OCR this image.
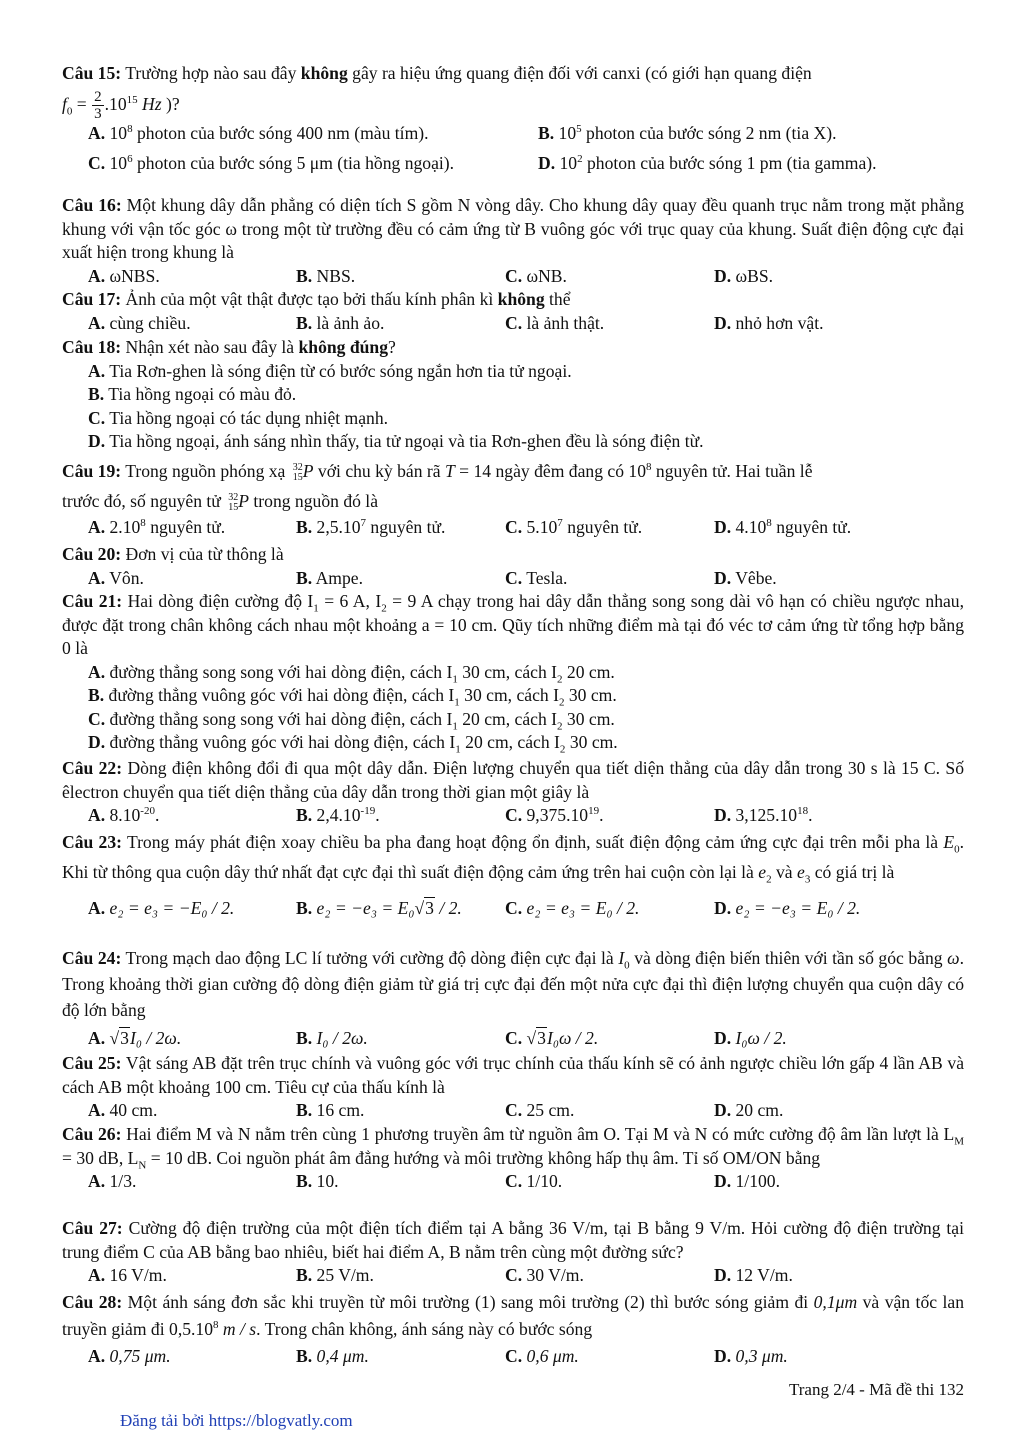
Câu 15: Trường hợp nào sau đây không gây ra hiệu ứng quang điện đối với canxi (có giới hạn quang điện

$f_0 = \frac{2}{3} .10^{15}$ Hz )?

A. $10^8$ photon của bước sóng 400 nm (màu tím).	B. $10^5$ photon của bước sóng 2 nm (tia X).
C. $10^6$ photon của bước sóng 5 μm (tia hồng ngoại).	D. $10^2$ photon của bước sóng 1 pm (tia gamma).

Câu 16: Một khung dây dẫn phẳng có diện tích S gồm N vòng dây. Cho khung dây quay đều quanh trục nằm trong mặt phẳng khung với vận tốc góc ω trong một từ trường đều có cảm ứng từ B vuông góc với trục quay của khung. Suất điện động cực đại xuất hiện trong khung là

A. ωNBS.	B. NBS.	C. ωNB.	D. ωBS.

Câu 17: Ảnh của một vật thật được tạo bởi thấu kính phân kì không thể

A. cùng chiều.	B. là ảnh ảo.	C. là ảnh thật.	D. nhỏ hơn vật.

Câu 18: Nhận xét nào sau đây là không đúng?

A. Tia Rơn-ghen là sóng điện từ có bước sóng ngắn hơn tia tử ngoại.

B. Tia hồng ngoại có màu đỏ.

C. Tia hồng ngoại có tác dụng nhiệt mạnh.

D. Tia hồng ngoại, ánh sáng nhìn thấy, tia tử ngoại và tia Rơn-ghen đều là sóng điện từ.

Câu 19: Trong nguồn phóng xạ 32
15 P với chu kỳ bán rã T = 14 ngày đêm đang có $10^8$ nguyên tử. Hai tuần lễ

trước đó, số nguyên tử 32
15 P trong nguồn đó là

A. 2.10$^8$ nguyên tử.	B. 2,5.10$^7$ nguyên tử.	C. 5.10$^7$ nguyên tử.	D. 4.10$^8$ nguyên tử.

Câu 20: Đơn vị của từ thông là

A. Vôn.	B. Ampe.	C. Tesla.	D. Vêbe.

Câu 21: Hai dòng điện cường độ $I_1 = 6$ A, $I_2 = 9$ A chạy trong hai dây dẫn thẳng song song dài vô hạn có chiều ngược nhau, được đặt trong chân không cách nhau một khoảng a = 10 cm. Qũy tích những điểm mà tại đó véc tơ cảm ứng từ tổng hợp bằng 0 là

A. đường thẳng song song với hai dòng điện, cách $I_1$ 30 cm, cách $I_2$ 20 cm.

B. đường thẳng vuông góc với hai dòng điện, cách $I_1$ 30 cm, cách $I_2$ 30 cm.

C. đường thẳng song song với hai dòng điện, cách $I_1$ 20 cm, cách $I_2$ 30 cm.

D. đường thẳng vuông góc với hai dòng điện, cách $I_1$ 20 cm, cách $I_2$ 30 cm.

Câu 22: Dòng điện không đổi đi qua một dây dẫn. Điện lượng chuyển qua tiết diện thẳng của dây dẫn trong 30 s là 15 C. Số êlectron chuyển qua tiết diện thẳng của dây dẫn trong thời gian một giây là

A. $8.10^{-20}$.	B. $2,4.10^{-19}$.	C. 9,375.10$^{19}$.	D. 3,125.10$^{18}$.

Câu 23: Trong máy phát điện xoay chiều ba pha đang hoạt động ổn định, suất điện động cảm ứng cực đại trên mỗi pha là $E_0$. Khi từ thông qua cuộn dây thứ nhất đạt cực đại thì suất điện động cảm ứng trên hai cuộn còn lại là $e_2$ và $e_3$ có giá trị là

A. e₂ = e₃ = −E₀ / 2.	B. e₂ = −e₃ = E₀√3 / 2. C. e₂ = e₃ = E₀ / 2.	D. e₂ = −e₃ = E₀ / 2.

Câu 24: Trong mạch dao động LC lí tưởng với cường độ dòng điện cực đại là $I_0$ và dòng điện biến thiên với tần số góc bằng ω. Trong khoảng thời gian cường độ dòng điện giảm từ giá trị cực đại đến một nửa cực đại thì điện lượng chuyển qua cuộn dây có độ lớn bằng

A. √3I₀ / 2ω.	B. I₀ / 2ω.	C. √3I₀ω / 2.	D. I₀ω / 2.

Câu 25: Vật sáng AB đặt trên trục chính và vuông góc với trục chính của thấu kính sẽ có ảnh ngược chiều lớn gấp 4 lần AB và cách AB một khoảng 100 cm. Tiêu cự của thấu kính là

A. 40 cm.	B. 16 cm.	C. 25 cm.	D. 20 cm.

Câu 26: Hai điểm M và N nằm trên cùng 1 phương truyền âm từ nguồn âm O. Tại M và N có mức cường độ âm lần lượt là $L_M = 30$ dB, $L_N = 10$ dB. Coi nguồn phát âm đẳng hướng và môi trường không hấp thụ âm. Tỉ số OM/ON bằng

A. 1/3.	B. 10.	C. 1/10.	D. 1/100.

Câu 27: Cường độ điện trường của một điện tích điểm tại A bằng 36 V/m, tại B bằng 9 V/m. Hỏi cường độ điện trường tại trung điểm C của AB bằng bao nhiêu, biết hai điểm A, B nằm trên cùng một đường sức?

A. 16 V/m.	B. 25 V/m.	C. 30 V/m.	D. 12 V/m.

Câu 28: Một ánh sáng đơn sắc khi truyền từ môi trường (1) sang môi trường (2) thì bước sóng giảm đi 0,1μm và vận tốc lan truyền giảm đi 0,5.10$^8$ m / s. Trong chân không, ánh sáng này có bước sóng

A. 0,75 μm.	B. 0,4 μm.	C. 0,6 μm.	D. 0,3 μm.
Trang 2/4 - Mã đề thi 132
Đăng tải bởi https://blogvatly.com
